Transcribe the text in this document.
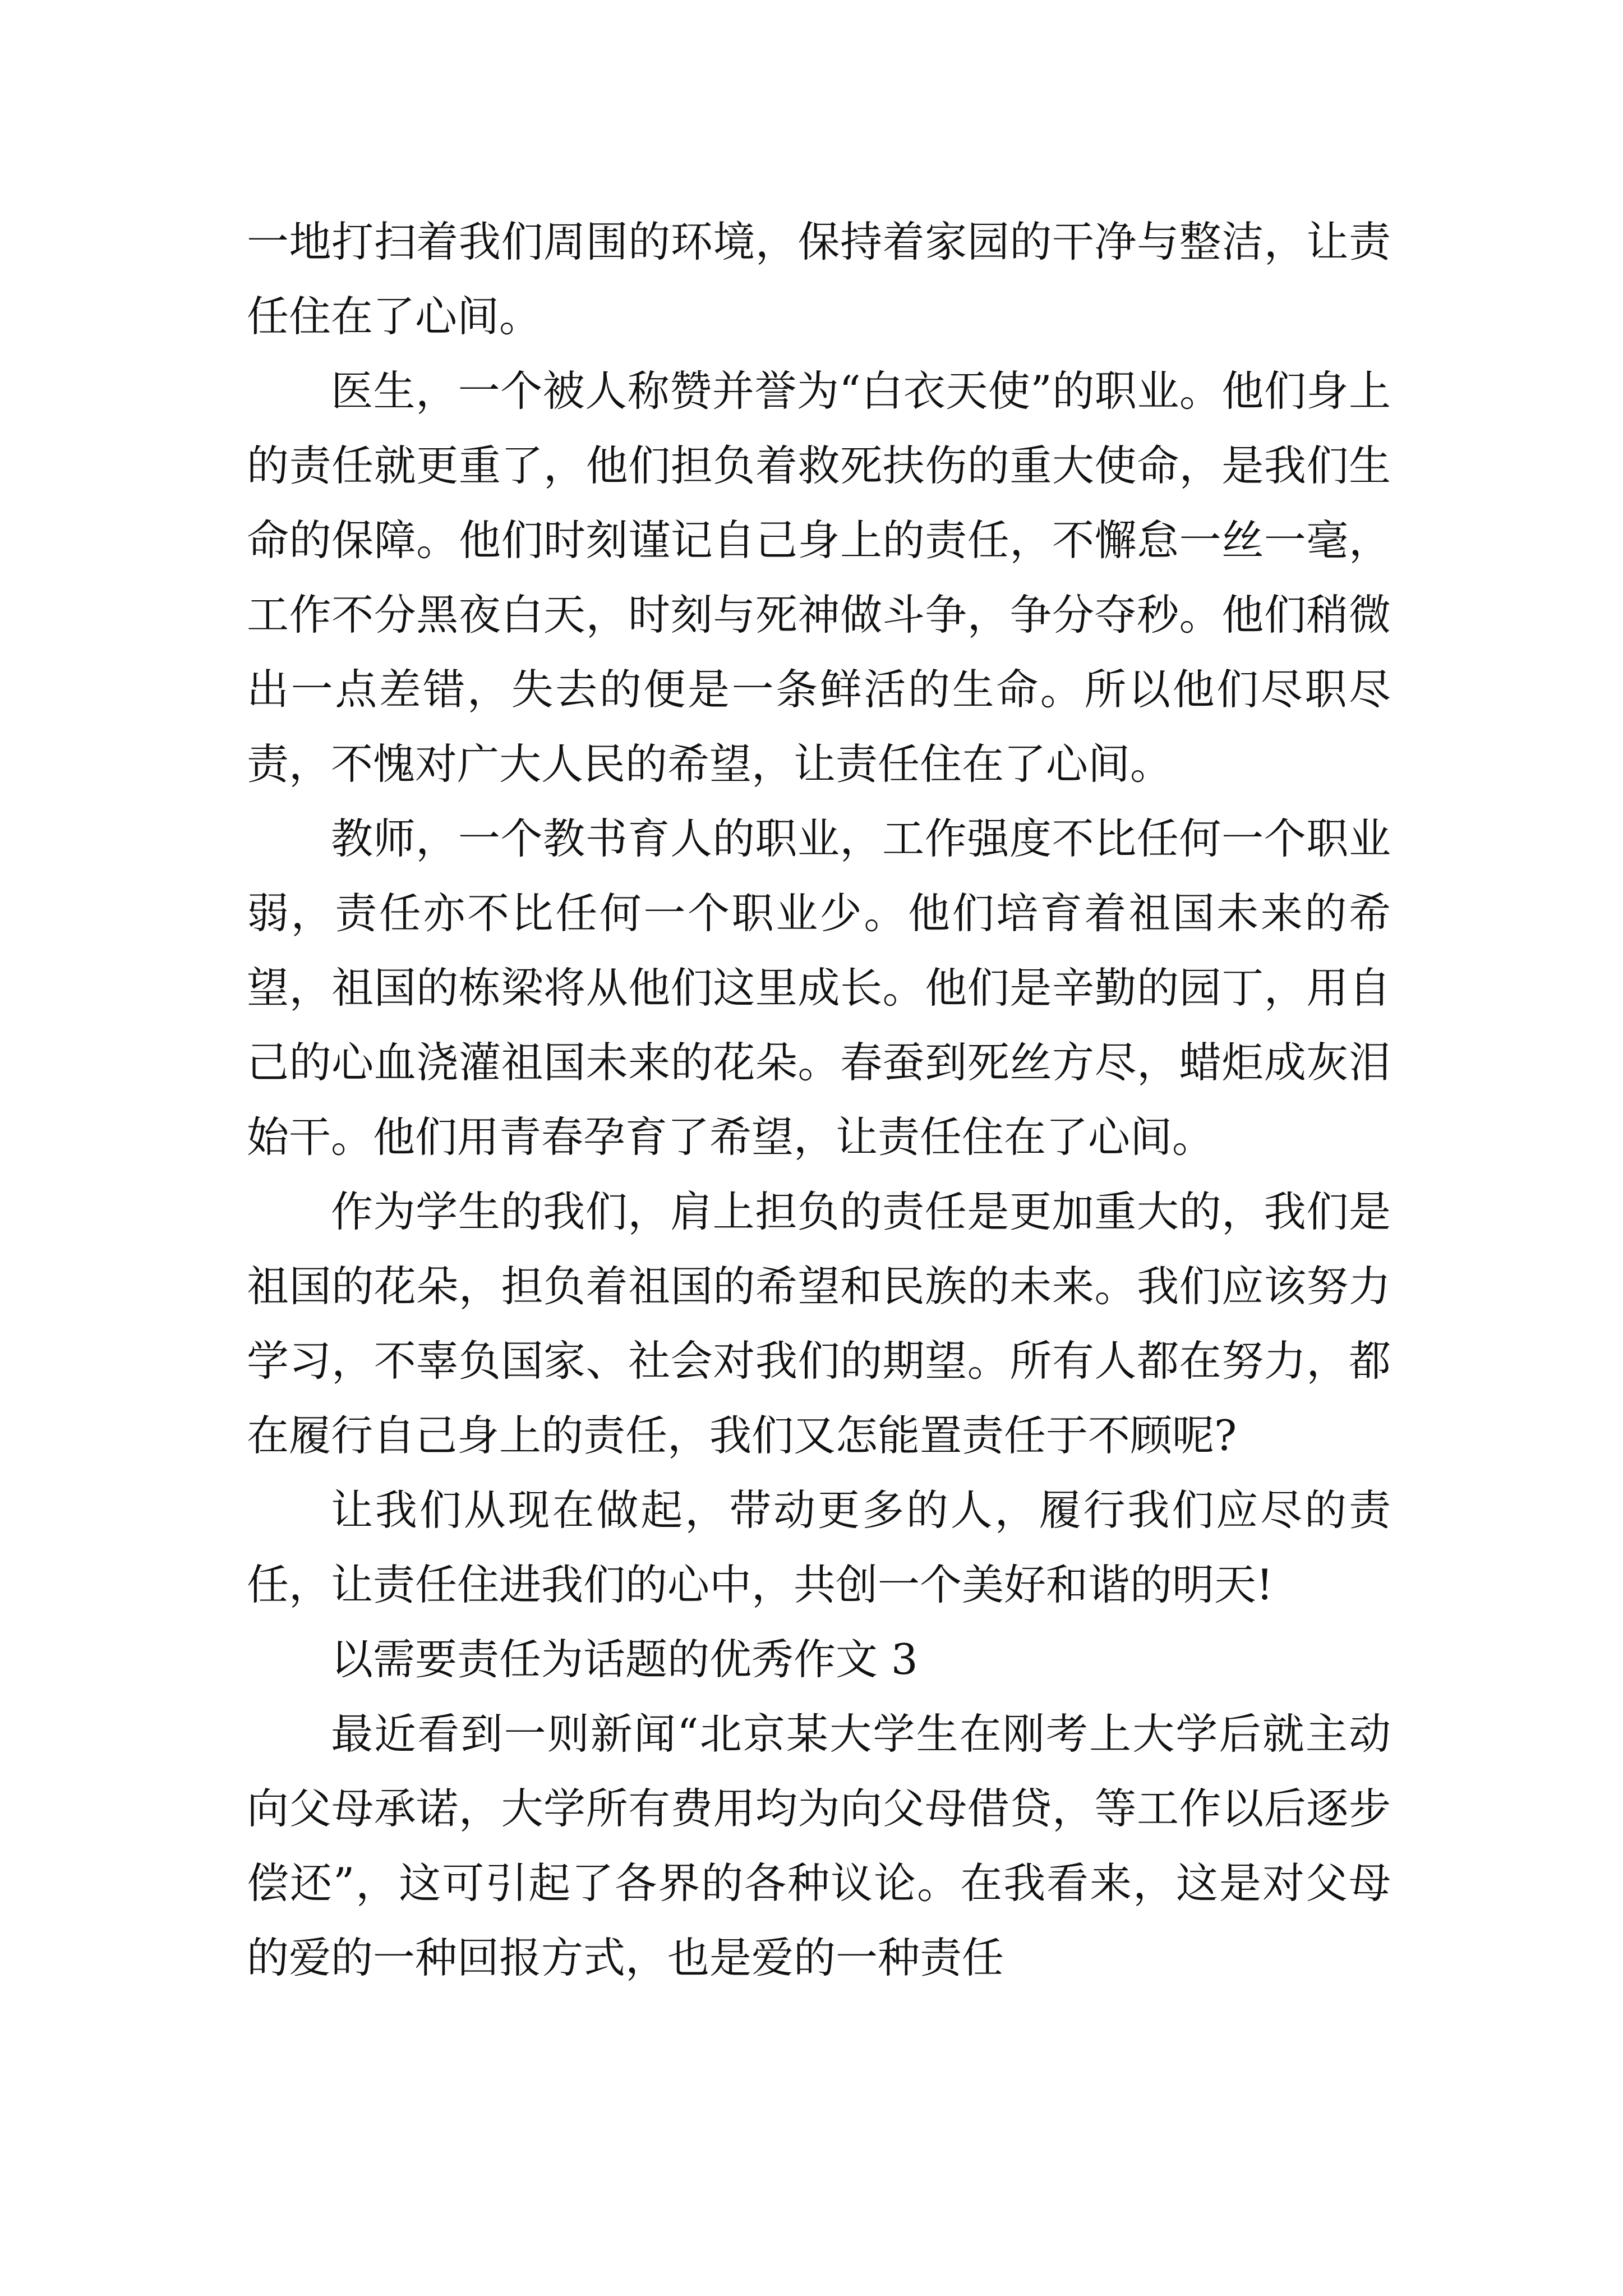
一地打扫着我们周围的环境，保持着家园的干净与整洁，让责任住在了心间。

医生，一个被人称赞并誉为“白衣天使”的职业。他们身上的责任就更重了，他们担负着救死扶伤的重大使命，是我们生命的保障。他们时刻谨记自己身上的责任，不懈怠一丝一毫，工作不分黑夜白天，时刻与死神做斗争，争分夺秒。他们稍微出一点差错，失去的便是一条鲜活的生命。所以他们尽职尽责，不愧对广大人民的希望，让责任住在了心间。

教师，一个教书育人的职业，工作强度不比任何一个职业弱，责任亦不比任何一个职业少。他们培育着祖国未来的希望，祖国的栋梁将从他们这里成长。他们是辛勤的园丁，用自己的心血浇灌祖国未来的花朵。春蚕到死丝方尽，蜡炬成灰泪始干。他们用青春孕育了希望，让责任住在了心间。

作为学生的我们，肩上担负的责任是更加重大的，我们是祖国的花朵，担负着祖国的希望和民族的未来。我们应该努力学习，不辜负国家、社会对我们的期望。所有人都在努力，都在履行自己身上的责任，我们又怎能置责任于不顾呢?

让我们从现在做起，带动更多的人，履行我们应尽的责任，让责任住进我们的心中，共创一个美好和谐的明天!

以需要责任为话题的优秀作文 3

最近看到一则新闻“北京某大学生在刚考上大学后就主动向父母承诺，大学所有费用均为向父母借贷，等工作以后逐步偿还”，这可引起了各界的各种议论。在我看来，这是对父母的爱的一种回报方式，也是爱的一种责任
